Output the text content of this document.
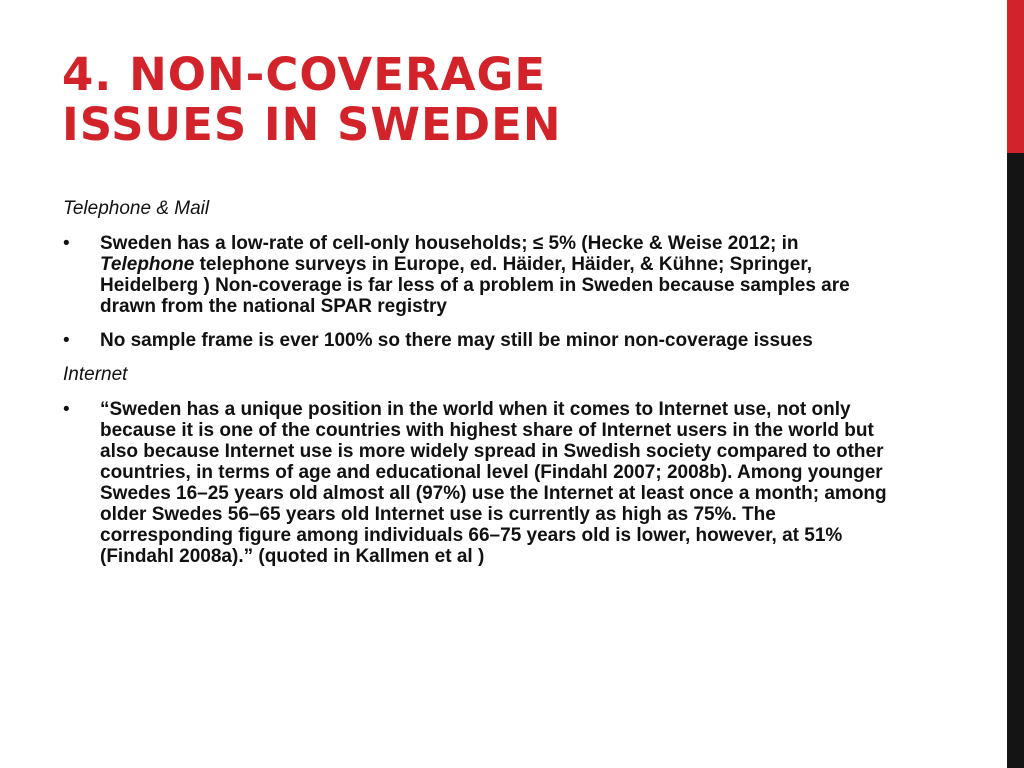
4. NON-COVERAGE
ISSUES IN SWEDEN

Telephone & Mail

• Sweden has a low-rate of cell-only households; ≤ 5% (Hecke & Weise 2012; in Telephone telephone surveys in Europe, ed. Häider, Häider, & Kühne; Springer, Heidelberg ) Non-coverage is far less of a problem in Sweden because samples are drawn from the national SPAR registry
• No sample frame is ever 100% so there may still be minor non-coverage issues

Internet

• “Sweden has a unique position in the world when it comes to Internet use, not only because it is one of the countries with highest share of Internet users in the world but also because Internet use is more widely spread in Swedish society compared to other countries, in terms of age and educational level (Findahl 2007; 2008b). Among younger Swedes 16–25 years old almost all (97%) use the Internet at least once a month; among older Swedes 56–65 years old Internet use is currently as high as 75%. The corresponding figure among individuals 66–75 years old is lower, however, at 51% (Findahl 2008a).” (quoted in Kallmen et al )
